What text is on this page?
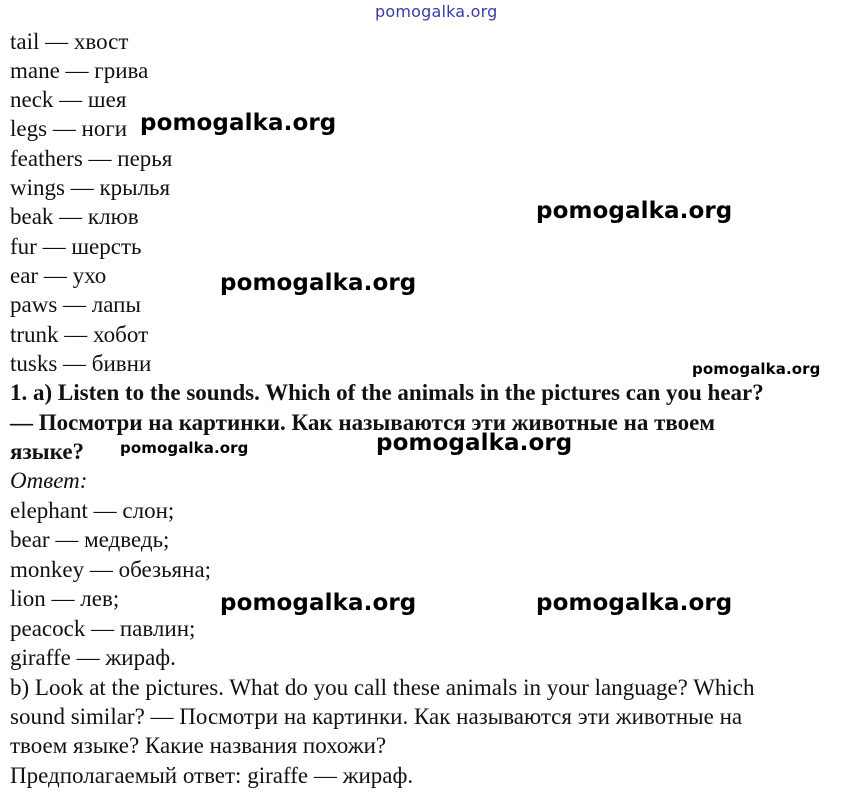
pomogalka.org
tail — хвост
mane — грива
neck — шея
legs — ноги
feathers — перья
wings — крылья
beak — клюв
fur — шерсть
ear — ухо
paws — лапы
trunk — хобот
tusks — бивни
1. a) Listen to the sounds. Which of the animals in the pictures can you hear?
— Посмотри на картинки. Как называются эти животные на твоем
языке?
Ответ:
elephant — слон;
bear — медведь;
monkey — обезьяна;
lion — лев;
peacock — павлин;
giraffe — жираф.
b) Look at the pictures. What do you call these animals in your language? Which
sound similar? — Посмотри на картинки. Как называются эти животные на
твоем языке? Какие названия похожи?
Предполагаемый ответ: giraffe — жираф.
pomogalka.org
pomogalka.org
pomogalka.org
pomogalka.org
pomogalka.org	pomogalka.org
pomogalka.org	pomogalka.org
